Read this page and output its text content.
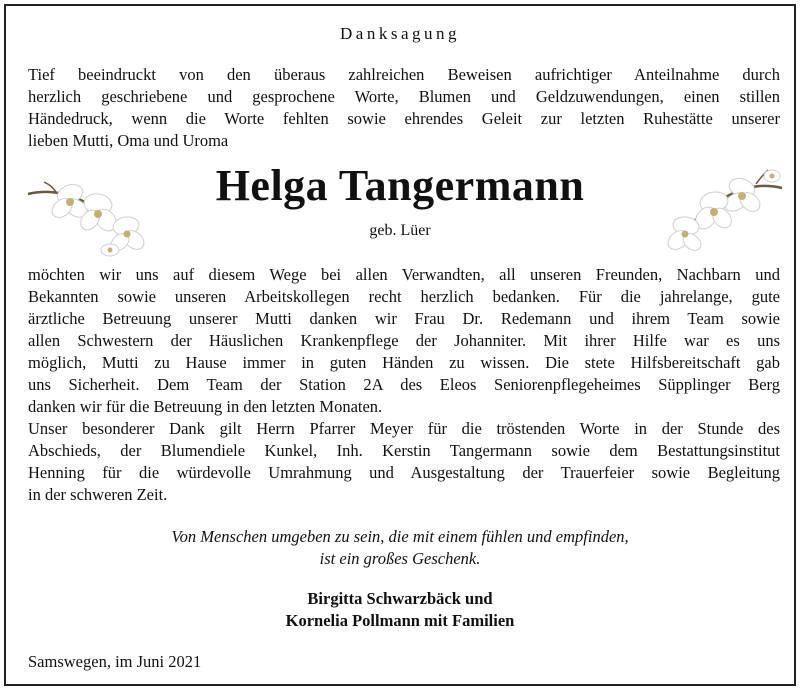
Danksagung

Tief beeindruckt von den überaus zahlreichen Beweisen aufrichtiger Anteilnahme durch
herzlich geschriebene und gesprochene Worte, Blumen und Geldzuwendungen, einen stillen
Händedruck, wenn die Worte fehlten sowie ehrendes Geleit zur letzten Ruhestätte unserer
lieben Mutti, Oma und Uroma

Helga Tangermann
geb. Lüer

möchten wir uns auf diesem Wege bei allen Verwandten, all unseren Freunden, Nachbarn und
Bekannten sowie unseren Arbeitskollegen recht herzlich bedanken. Für die jahrelange, gute
ärztliche Betreuung unserer Mutti danken wir Frau Dr. Redemann und ihrem Team sowie
allen Schwestern der Häuslichen Krankenpflege der Johanniter. Mit ihrer Hilfe war es uns
möglich, Mutti zu Hause immer in guten Händen zu wissen. Die stete Hilfsbereitschaft gab
uns Sicherheit. Dem Team der Station 2A des Eleos Seniorenpflegeheimes Süpplinger Berg
danken wir für die Betreuung in den letzten Monaten.

Unser besonderer Dank gilt Herrn Pfarrer Meyer für die tröstenden Worte in der Stunde des
Abschieds, der Blumendiele Kunkel, Inh. Kerstin Tangermann sowie dem Bestattungsinstitut
Henning für die würdevolle Umrahmung und Ausgestaltung der Trauerfeier sowie Begleitung
in der schweren Zeit.

Von Menschen umgeben zu sein, die mit einem fühlen und empfinden,
ist ein großes Geschenk.
Birgitta Schwarzbäck und
Kornelia Pollmann mit Familien
Samswegen, im Juni 2021
